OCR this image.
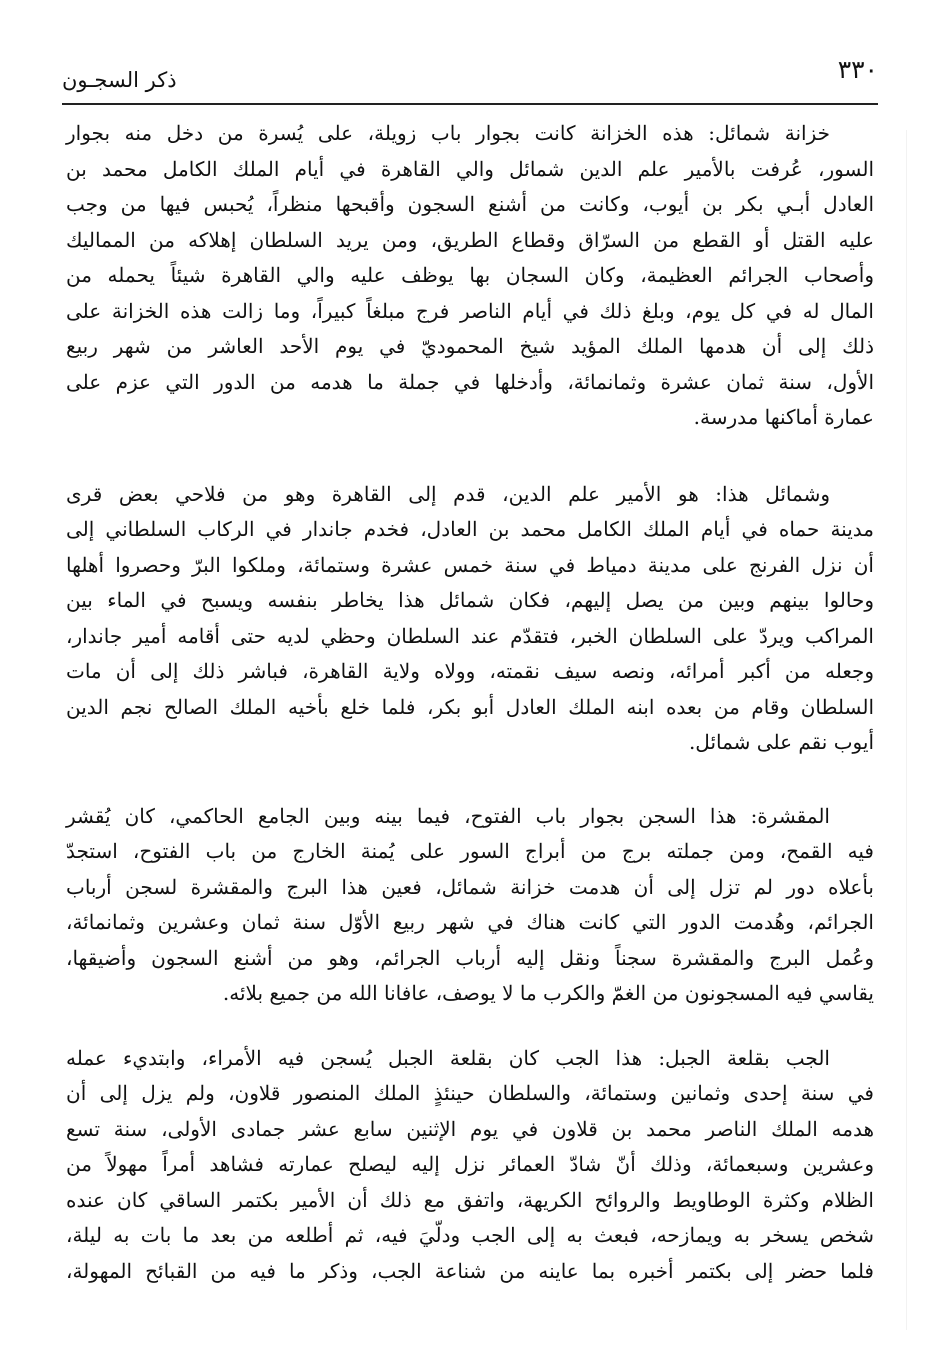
ذكر السجـون	٣٣٠
خزانة شمائل: هذه الخزانة كانت بجوار باب زويلة، على يُسرة من دخل منه بجوار
السور، عُرفت بالأمير علم الدين شمائل والي القاهرة في أيام الملك الكامل محمد بن
العادل أبـي بكر بن أيوب، وكانت من أشنع السجون وأقبحها منظراً، يُحبس فيها من وجب
عليه القتل أو القطع من السرّاق وقطاع الطريق، ومن يريد السلطان إهلاكه من المماليك
وأصحاب الجرائم العظيمة، وكان السجان بها يوظف عليه والي القاهرة شيئاً يحمله من
المال له في كل يوم، وبلغ ذلك في أيام الناصر فرج مبلغاً كبيراً، وما زالت هذه الخزانة على
ذلك إلى أن هدمها الملك المؤيد شيخ المحموديّ في يوم الأحد العاشر من شهر ربيع
الأول، سنة ثمان عشرة وثمانمائة، وأدخلها في جملة ما هدمه من الدور التي عزم على
عمارة أماكنها مدرسة.
وشمائل هذا: هو الأمير علم الدين، قدم إلى القاهرة وهو من فلاحي بعض قرى
مدينة حماه في أيام الملك الكامل محمد بن العادل، فخدم جاندار في الركاب السلطاني إلى
أن نزل الفرنج على مدينة دمياط في سنة خمس عشرة وستمائة، وملكوا البرّ وحصروا أهلها
وحالوا بينهم وبين من يصل إليهم، فكان شمائل هذا يخاطر بنفسه ويسبح في الماء بين
المراكب ويردّ على السلطان الخبر، فتقدّم عند السلطان وحظي لديه حتى أقامه أمير جاندار،
وجعله من أكبر أمرائه، ونصه سيف نقمته، وولاه ولاية القاهرة، فباشر ذلك إلى أن مات
السلطان وقام من بعده ابنه الملك العادل أبو بكر، فلما خلع بأخيه الملك الصالح نجم الدين
أيوب نقم على شمائل.
المقشرة: هذا السجن بجوار باب الفتوح، فيما بينه وبين الجامع الحاكمي، كان يُقشر
فيه القمح، ومن جملته برج من أبراج السور على يُمنة الخارج من باب الفتوح، استجدّ
بأعلاه دور لم تزل إلى أن هدمت خزانة شمائل، فعين هذا البرج والمقشرة لسجن أرباب
الجرائم، وهُدمت الدور التي كانت هناك في شهر ربيع الأوّل سنة ثمان وعشرين وثمانمائة،
وعُمل البرج والمقشرة سجناً ونقل إليه أرباب الجرائم، وهو من أشنع السجون وأضيقها،
يقاسي فيه المسجونون من الغمّ والكرب ما لا يوصف، عافانا الله من جميع بلائه.
الجب بقلعة الجبل: هذا الجب كان بقلعة الجبل يُسجن فيه الأمراء، وابتديء عمله
في سنة إحدى وثمانين وستمائة، والسلطان حينئذٍ الملك المنصور قلاون، ولم يزل إلى أن
هدمه الملك الناصر محمد بن قلاون في يوم الإثنين سابع عشر جمادى الأولى، سنة تسع
وعشرين وسبعمائة، وذلك أنّ شادّ العمائر نزل إليه ليصلح عمارته فشاهد أمراً مهولاً من
الظلام وكثرة الوطاويط والروائح الكريهة، واتفق مع ذلك أن الأمير بكتمر الساقي كان عنده
شخص يسخر به ويمازحه، فبعث به إلى الجب ودلّيَ فيه، ثم أطلعه من بعد ما بات به ليلة،
فلما حضر إلى بكتمر أخبره بما عاينه من شناعة الجب، وذكر ما فيه من القبائح المهولة،
